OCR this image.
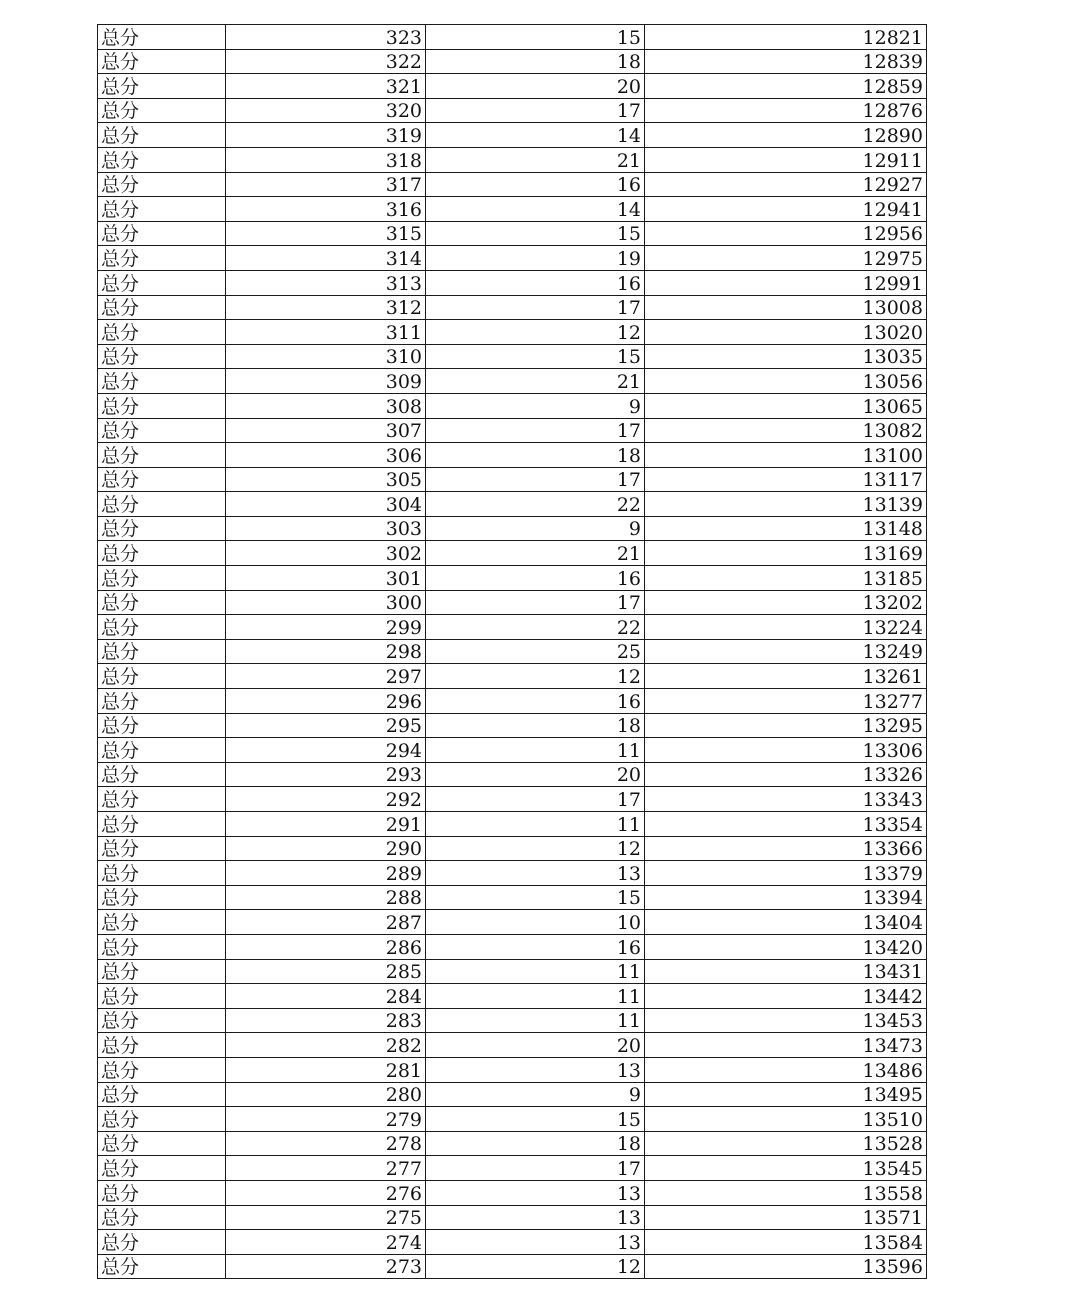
总分	323	15	12821
总分	322	18	12839
总分	321	20	12859
总分	320	17	12876
总分	319	14	12890
总分	318	21	12911
总分	317	16	12927
总分	316	14	12941
总分	315	15	12956
总分	314	19	12975
总分	313	16	12991
总分	312	17	13008
总分	311	12	13020
总分	310	15	13035
总分	309	21	13056
总分	308	9	13065
总分	307	17	13082
总分	306	18	13100
总分	305	17	13117
总分	304	22	13139
总分	303	9	13148
总分	302	21	13169
总分	301	16	13185
总分	300	17	13202
总分	299	22	13224
总分	298	25	13249
总分	297	12	13261
总分	296	16	13277
总分	295	18	13295
总分	294	11	13306
总分	293	20	13326
总分	292	17	13343
总分	291	11	13354
总分	290	12	13366
总分	289	13	13379
总分	288	15	13394
总分	287	10	13404
总分	286	16	13420
总分	285	11	13431
总分	284	11	13442
总分	283	11	13453
总分	282	20	13473
总分	281	13	13486
总分	280	9	13495
总分	279	15	13510
总分	278	18	13528
总分	277	17	13545
总分	276	13	13558
总分	275	13	13571
总分	274	13	13584
总分	273	12	13596
